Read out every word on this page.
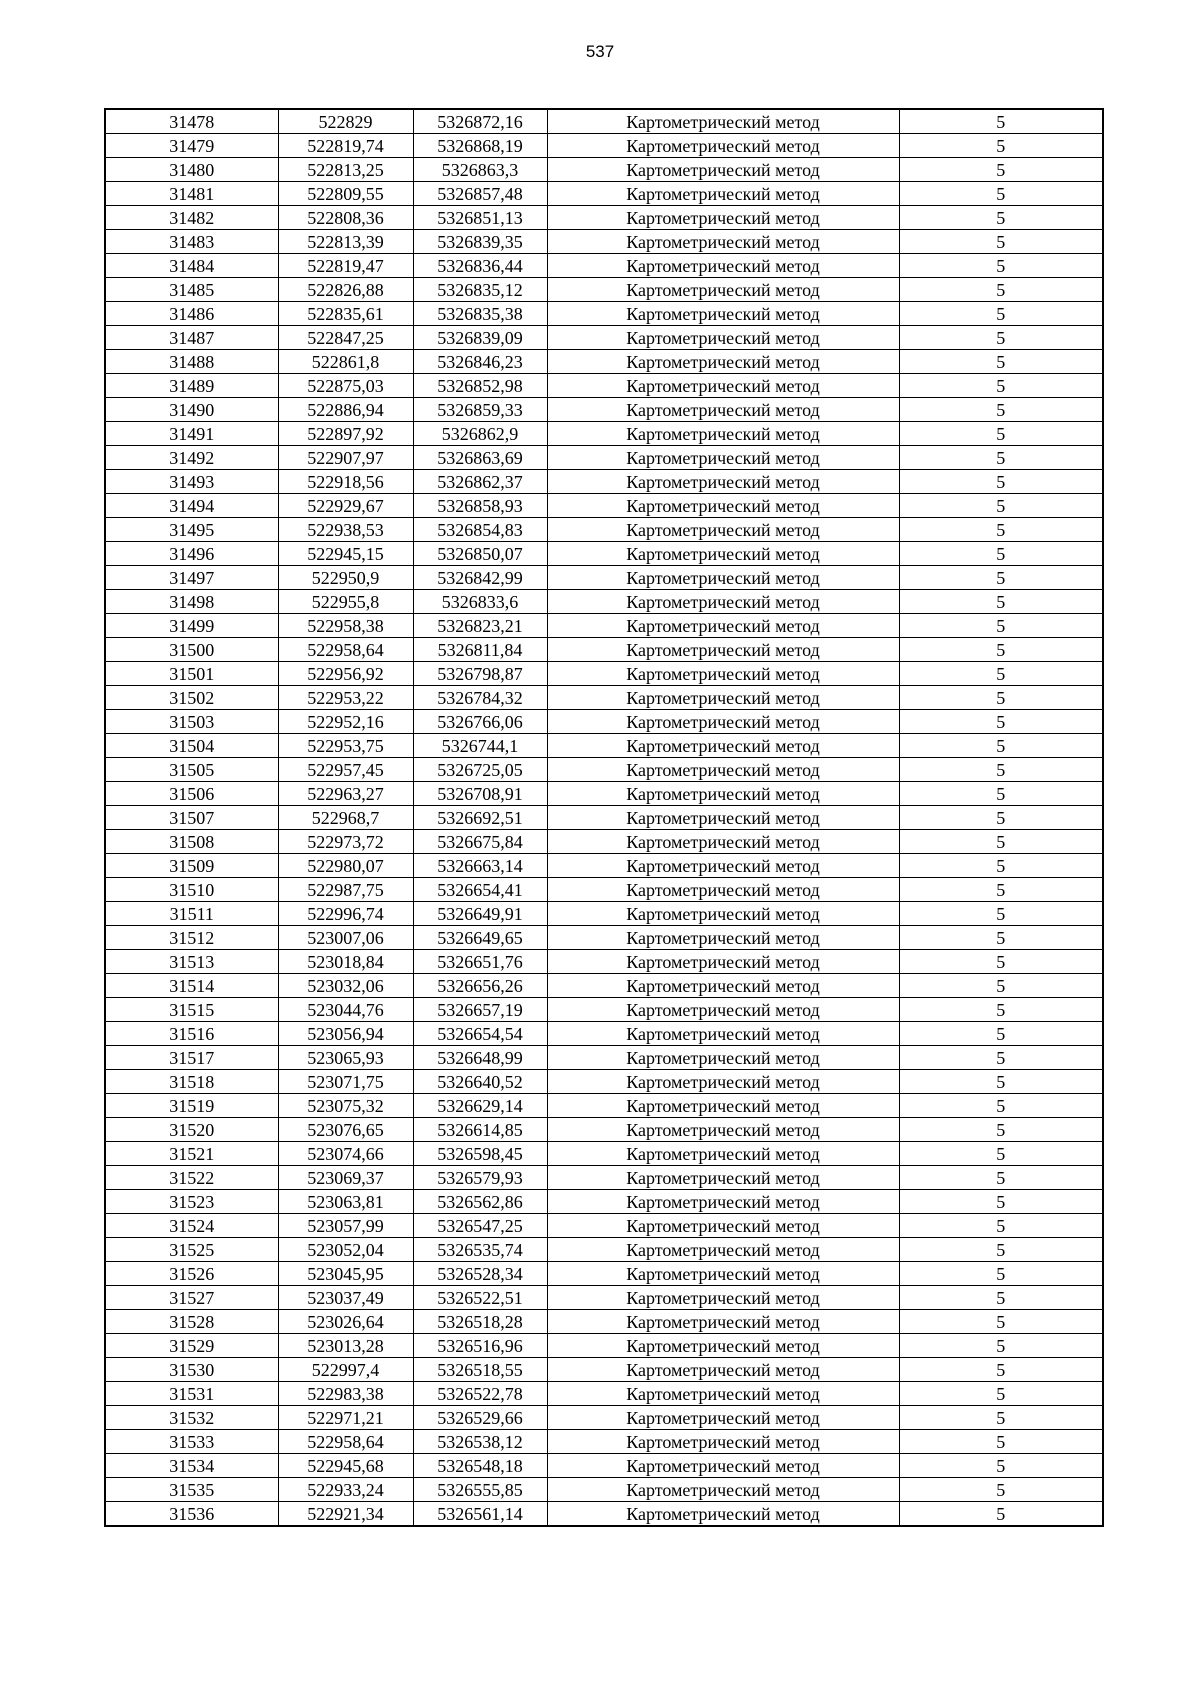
537
31478	522829	5326872,16	Картометрический метод	5
31479	522819,74	5326868,19	Картометрический метод	5
31480	522813,25	5326863,3	Картометрический метод	5
31481	522809,55	5326857,48	Картометрический метод	5
31482	522808,36	5326851,13	Картометрический метод	5
31483	522813,39	5326839,35	Картометрический метод	5
31484	522819,47	5326836,44	Картометрический метод	5
31485	522826,88	5326835,12	Картометрический метод	5
31486	522835,61	5326835,38	Картометрический метод	5
31487	522847,25	5326839,09	Картометрический метод	5
31488	522861,8	5326846,23	Картометрический метод	5
31489	522875,03	5326852,98	Картометрический метод	5
31490	522886,94	5326859,33	Картометрический метод	5
31491	522897,92	5326862,9	Картометрический метод	5
31492	522907,97	5326863,69	Картометрический метод	5
31493	522918,56	5326862,37	Картометрический метод	5
31494	522929,67	5326858,93	Картометрический метод	5
31495	522938,53	5326854,83	Картометрический метод	5
31496	522945,15	5326850,07	Картометрический метод	5
31497	522950,9	5326842,99	Картометрический метод	5
31498	522955,8	5326833,6	Картометрический метод	5
31499	522958,38	5326823,21	Картометрический метод	5
31500	522958,64	5326811,84	Картометрический метод	5
31501	522956,92	5326798,87	Картометрический метод	5
31502	522953,22	5326784,32	Картометрический метод	5
31503	522952,16	5326766,06	Картометрический метод	5
31504	522953,75	5326744,1	Картометрический метод	5
31505	522957,45	5326725,05	Картометрический метод	5
31506	522963,27	5326708,91	Картометрический метод	5
31507	522968,7	5326692,51	Картометрический метод	5
31508	522973,72	5326675,84	Картометрический метод	5
31509	522980,07	5326663,14	Картометрический метод	5
31510	522987,75	5326654,41	Картометрический метод	5
31511	522996,74	5326649,91	Картометрический метод	5
31512	523007,06	5326649,65	Картометрический метод	5
31513	523018,84	5326651,76	Картометрический метод	5
31514	523032,06	5326656,26	Картометрический метод	5
31515	523044,76	5326657,19	Картометрический метод	5
31516	523056,94	5326654,54	Картометрический метод	5
31517	523065,93	5326648,99	Картометрический метод	5
31518	523071,75	5326640,52	Картометрический метод	5
31519	523075,32	5326629,14	Картометрический метод	5
31520	523076,65	5326614,85	Картометрический метод	5
31521	523074,66	5326598,45	Картометрический метод	5
31522	523069,37	5326579,93	Картометрический метод	5
31523	523063,81	5326562,86	Картометрический метод	5
31524	523057,99	5326547,25	Картометрический метод	5
31525	523052,04	5326535,74	Картометрический метод	5
31526	523045,95	5326528,34	Картометрический метод	5
31527	523037,49	5326522,51	Картометрический метод	5
31528	523026,64	5326518,28	Картометрический метод	5
31529	523013,28	5326516,96	Картометрический метод	5
31530	522997,4	5326518,55	Картометрический метод	5
31531	522983,38	5326522,78	Картометрический метод	5
31532	522971,21	5326529,66	Картометрический метод	5
31533	522958,64	5326538,12	Картометрический метод	5
31534	522945,68	5326548,18	Картометрический метод	5
31535	522933,24	5326555,85	Картометрический метод	5
31536	522921,34	5326561,14	Картометрический метод	5
